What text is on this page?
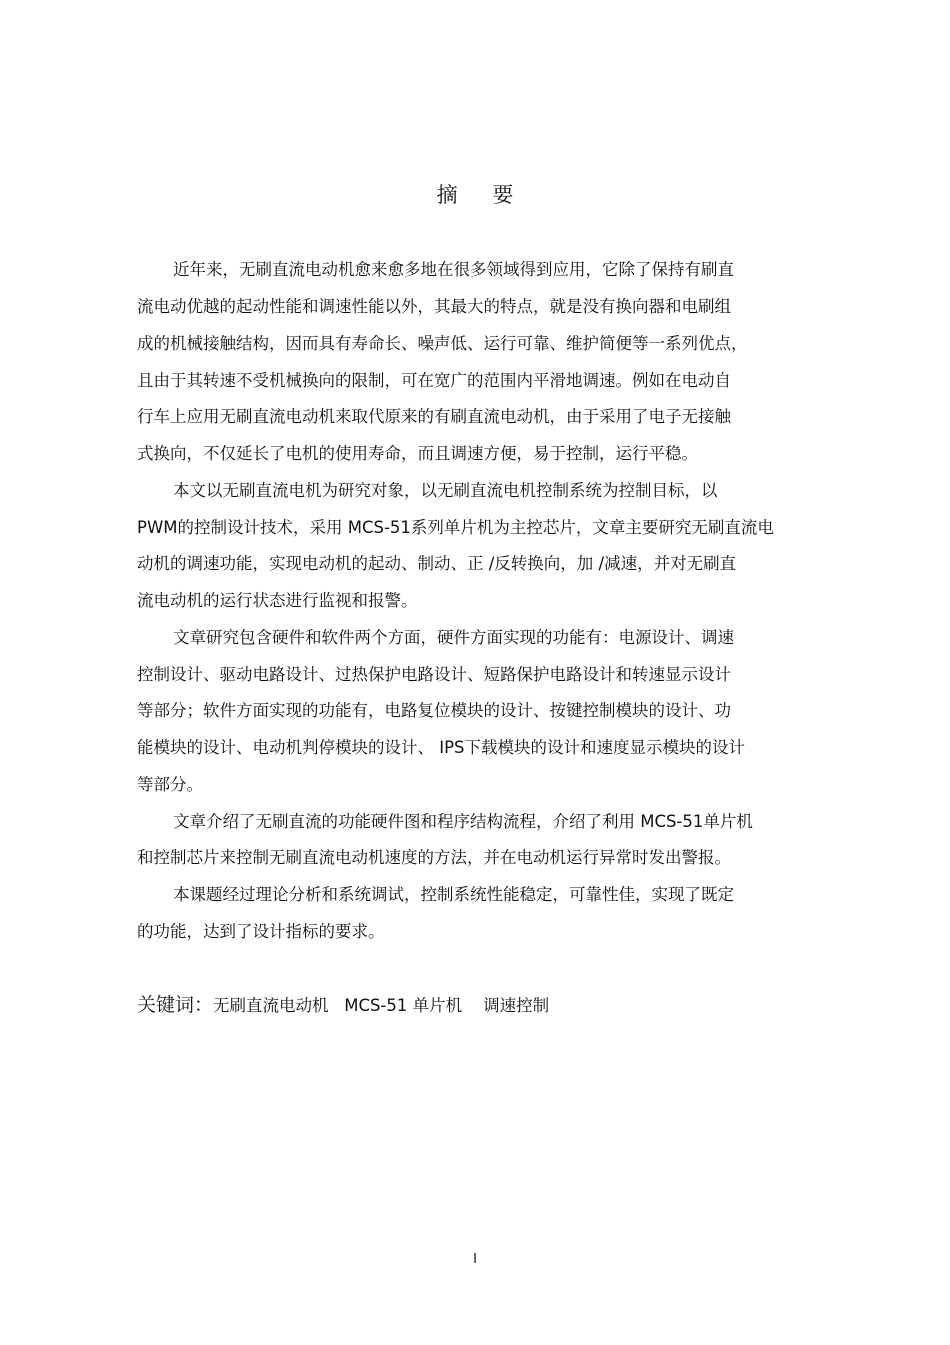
摘 要
近年来，无刷直流电动机愈来愈多地在很多领域得到应用，它除了保持有刷直
流电动优越的起动性能和调速性能以外，其最大的特点，就是没有换向器和电刷组
成的机械接触结构，因而具有寿命长、噪声低、运行可靠、维护简便等一系列优点，
且由于其转速不受机械换向的限制，可在宽广的范围内平滑地调速。例如在电动自
行车上应用无刷直流电动机来取代原来的有刷直流电动机，由于采用了电子无接触
式换向，不仅延长了电机的使用寿命，而且调速方便，易于控制，运行平稳。
本文以无刷直流电机为研究对象，以无刷直流电机控制系统为控制目标，以
PWM的控制设计技术，采用 MCS-51系列单片机为主控芯片，文章主要研究无刷直流电
动机的调速功能，实现电动机的起动、制动、正 /反转换向，加 /减速，并对无刷直
流电动机的运行状态进行监视和报警。
文章研究包含硬件和软件两个方面，硬件方面实现的功能有：电源设计、调速
控制设计、驱动电路设计、过热保护电路设计、短路保护电路设计和转速显示设计
等部分；软件方面实现的功能有，电路复位模块的设计、按键控制模块的设计、功
能模块的设计、电动机判停模块的设计、 IPS下载模块的设计和速度显示模块的设计
等部分。
文章介绍了无刷直流的功能硬件图和程序结构流程，介绍了利用 MCS-51单片机
和控制芯片来控制无刷直流电动机速度的方法，并在电动机运行异常时发出警报。
本课题经过理论分析和系统调试，控制系统性能稳定，可靠性佳，实现了既定
的功能，达到了设计指标的要求。
关键词：无刷直流电动机   MCS-51 单片机    调速控制
I
